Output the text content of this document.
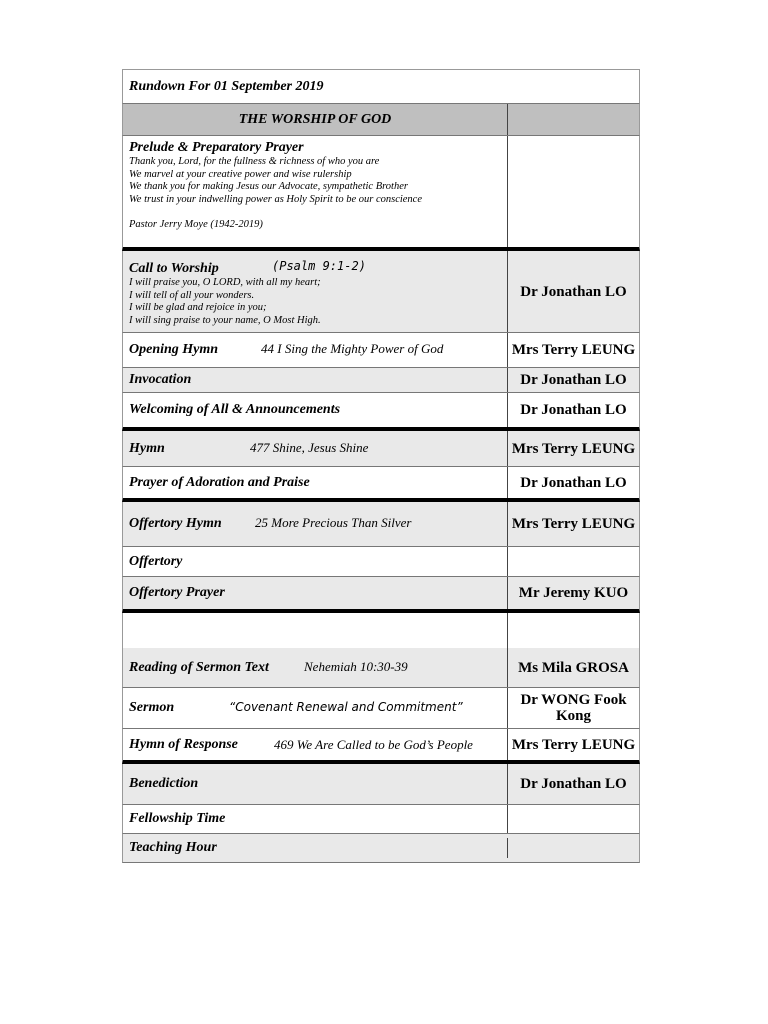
Rundown For 01 September 2019
THE WORSHIP OF GOD
Prelude & Preparatory Prayer
Thank you, Lord, for the fullness & richness of who you are
We marvel at your creative power and wise rulership
We thank you for making Jesus our Advocate, sympathetic Brother
We trust in your indwelling power as Holy Spirit to be our conscience
Pastor Jerry Moye (1942-2019)
Call to Worship	(Psalm 9:1-2)
I will praise you, O LORD, with all my heart;
I will tell of all your wonders.
I will be glad and rejoice in you;
I will sing praise to your name, O Most High.
Dr Jonathan LO
Opening Hymn	44 I Sing the Mighty Power of God	Mrs Terry LEUNG
Invocation	Dr Jonathan LO
Welcoming of All & Announcements	Dr Jonathan LO
Hymn	477 Shine, Jesus Shine	Mrs Terry LEUNG
Prayer of Adoration and Praise	Dr Jonathan LO
Offertory Hymn	25 More Precious Than Silver	Mrs Terry LEUNG
Offertory
Offertory Prayer	Mr Jeremy KUO
Reading of Sermon Text	Nehemiah 10:30-39	Ms Mila GROSA
Sermon	“Covenant Renewal and Commitment”	Dr WONG Fook Kong
Hymn of Response	469 We Are Called to be God’s People	Mrs Terry LEUNG
Benediction	Dr Jonathan LO
Fellowship Time
Teaching Hour
